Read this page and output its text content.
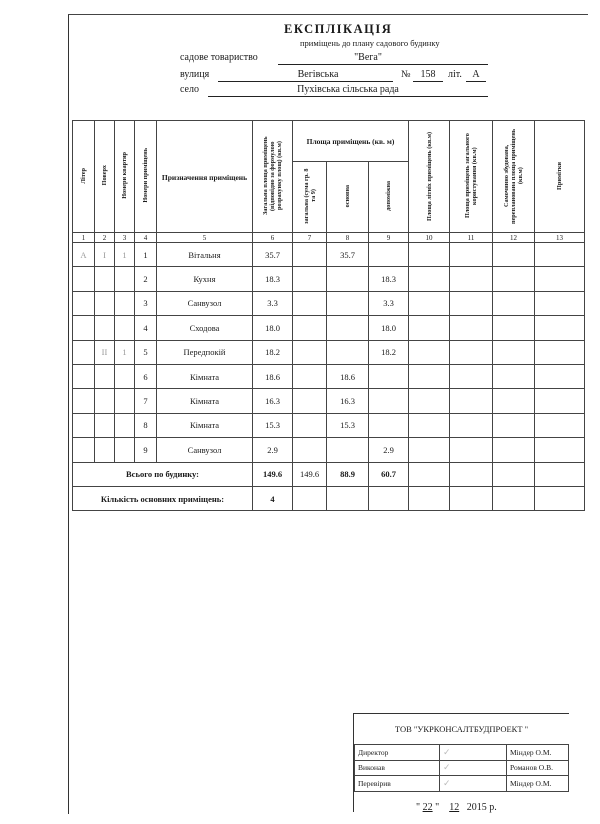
ЕКСПЛІКАЦІЯ
приміщень до плану садового будинку
садове товариство	"Вега"
вулиця	Вегівська	№ 158	літ.	А
село	Пухівська сільська рада
Літер	Поверх	Номери квартир	Номери приміщень	Призначення приміщень	Загальна площа приміщень (відповідно за формулою розрахунку площ) (кв.м)	Площа приміщень (кв. м)			Площа літніх приміщень (кв.м)	Площа приміщень загального користування (кв.м)	Самочинно збудована, перепланована площа приміщень (кв.м)	Примітки
						загальна (сума гр. 8 та 9)	основна	допоміжна				
1	2	3	4	5	6	7	8	9	10	11	12	13
А	І	1	1	Вітальня	35.7		35.7					
			2	Кухня	18.3			18.3				
			3	Санвузол	3.3			3.3				
			4	Сходова	18.0			18.0				
	ІІ	1	5	Передпокій	18.2			18.2				
			6	Кімната	18.6		18.6					
			7	Кімната	16.3		16.3					
			8	Кімната	15.3		15.3					
			9	Санвузол	2.9			2.9				
Всього по будинку:					149.6	149.6	88.9	60.7				
Кількість основних приміщень:					4							
ТОВ "УКРКОНСАЛТБУДПРОЕКТ "
Директор	✓	Міндер О.М.
Виконав	✓	Романов О.В.
Перевірив	✓	Міндер О.М.
" 22 "    12 2015 р.
